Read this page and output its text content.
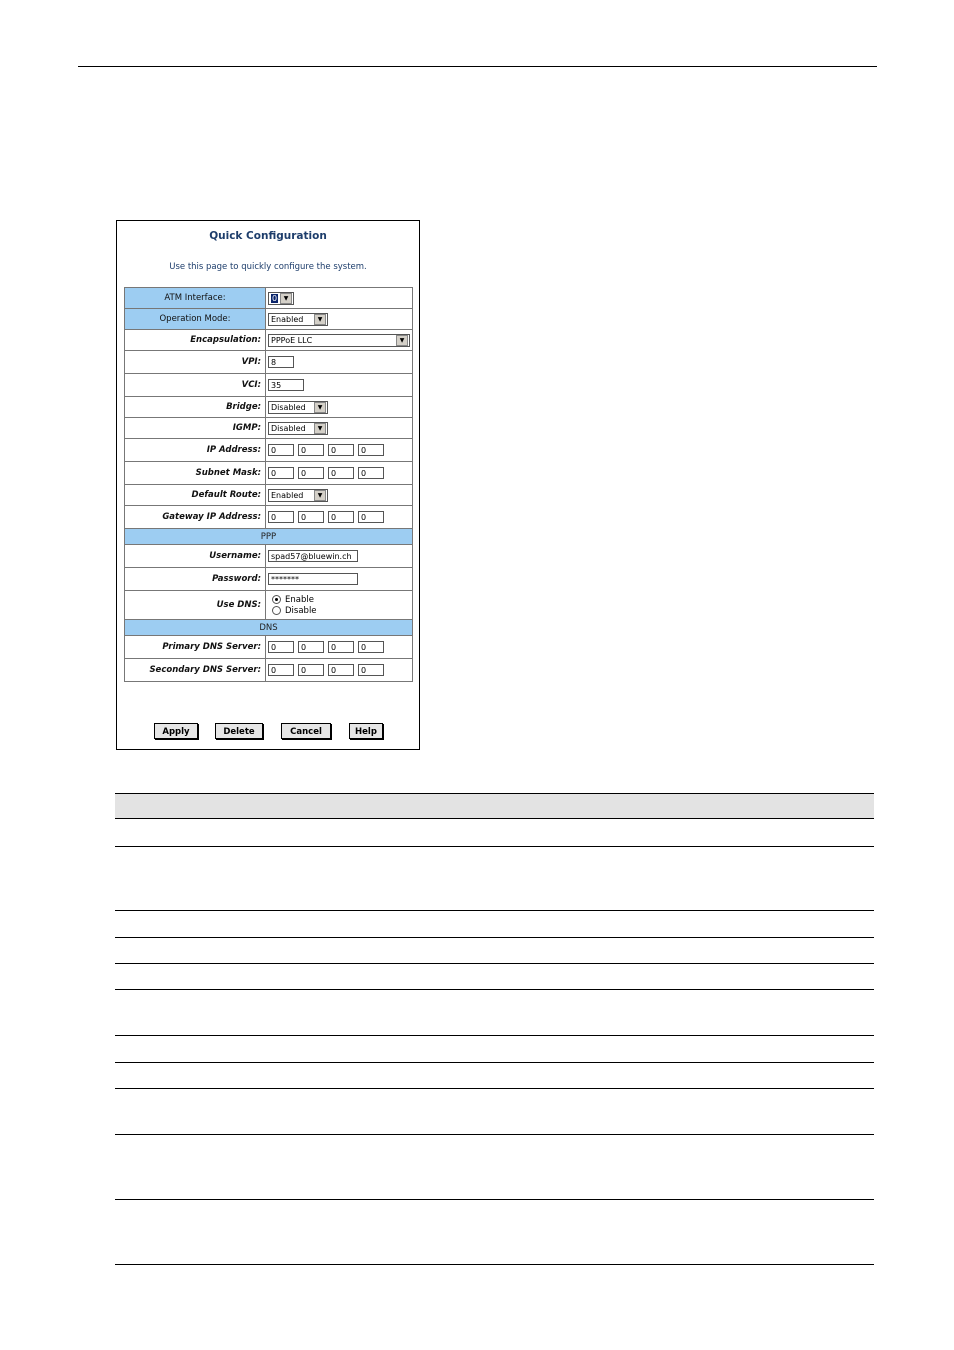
Quick Configuration
Use this page to quickly configure the system.
ATM Interface:	0 ▼

Operation Mode:	Enabled ▼

Encapsulation:	PPPoE LLC ▼

VPI:	8
VCI:	35
Bridge:	Disabled ▼

IGMP:	Disabled ▼

IP Address:	0 0 0 0

Subnet Mask:	0 0 0 0

Default Route:	Enabled ▼

Gateway IP Address:	0 0 0 0

PPP	
Username:	spad57@bluewin.ch
Password:	*******
Use DNS:	Enable
Disable

DNS	
Primary DNS Server:	0 0 0 0

Secondary DNS Server:	0 0 0 0
Apply	Delete	Cancel	Help
